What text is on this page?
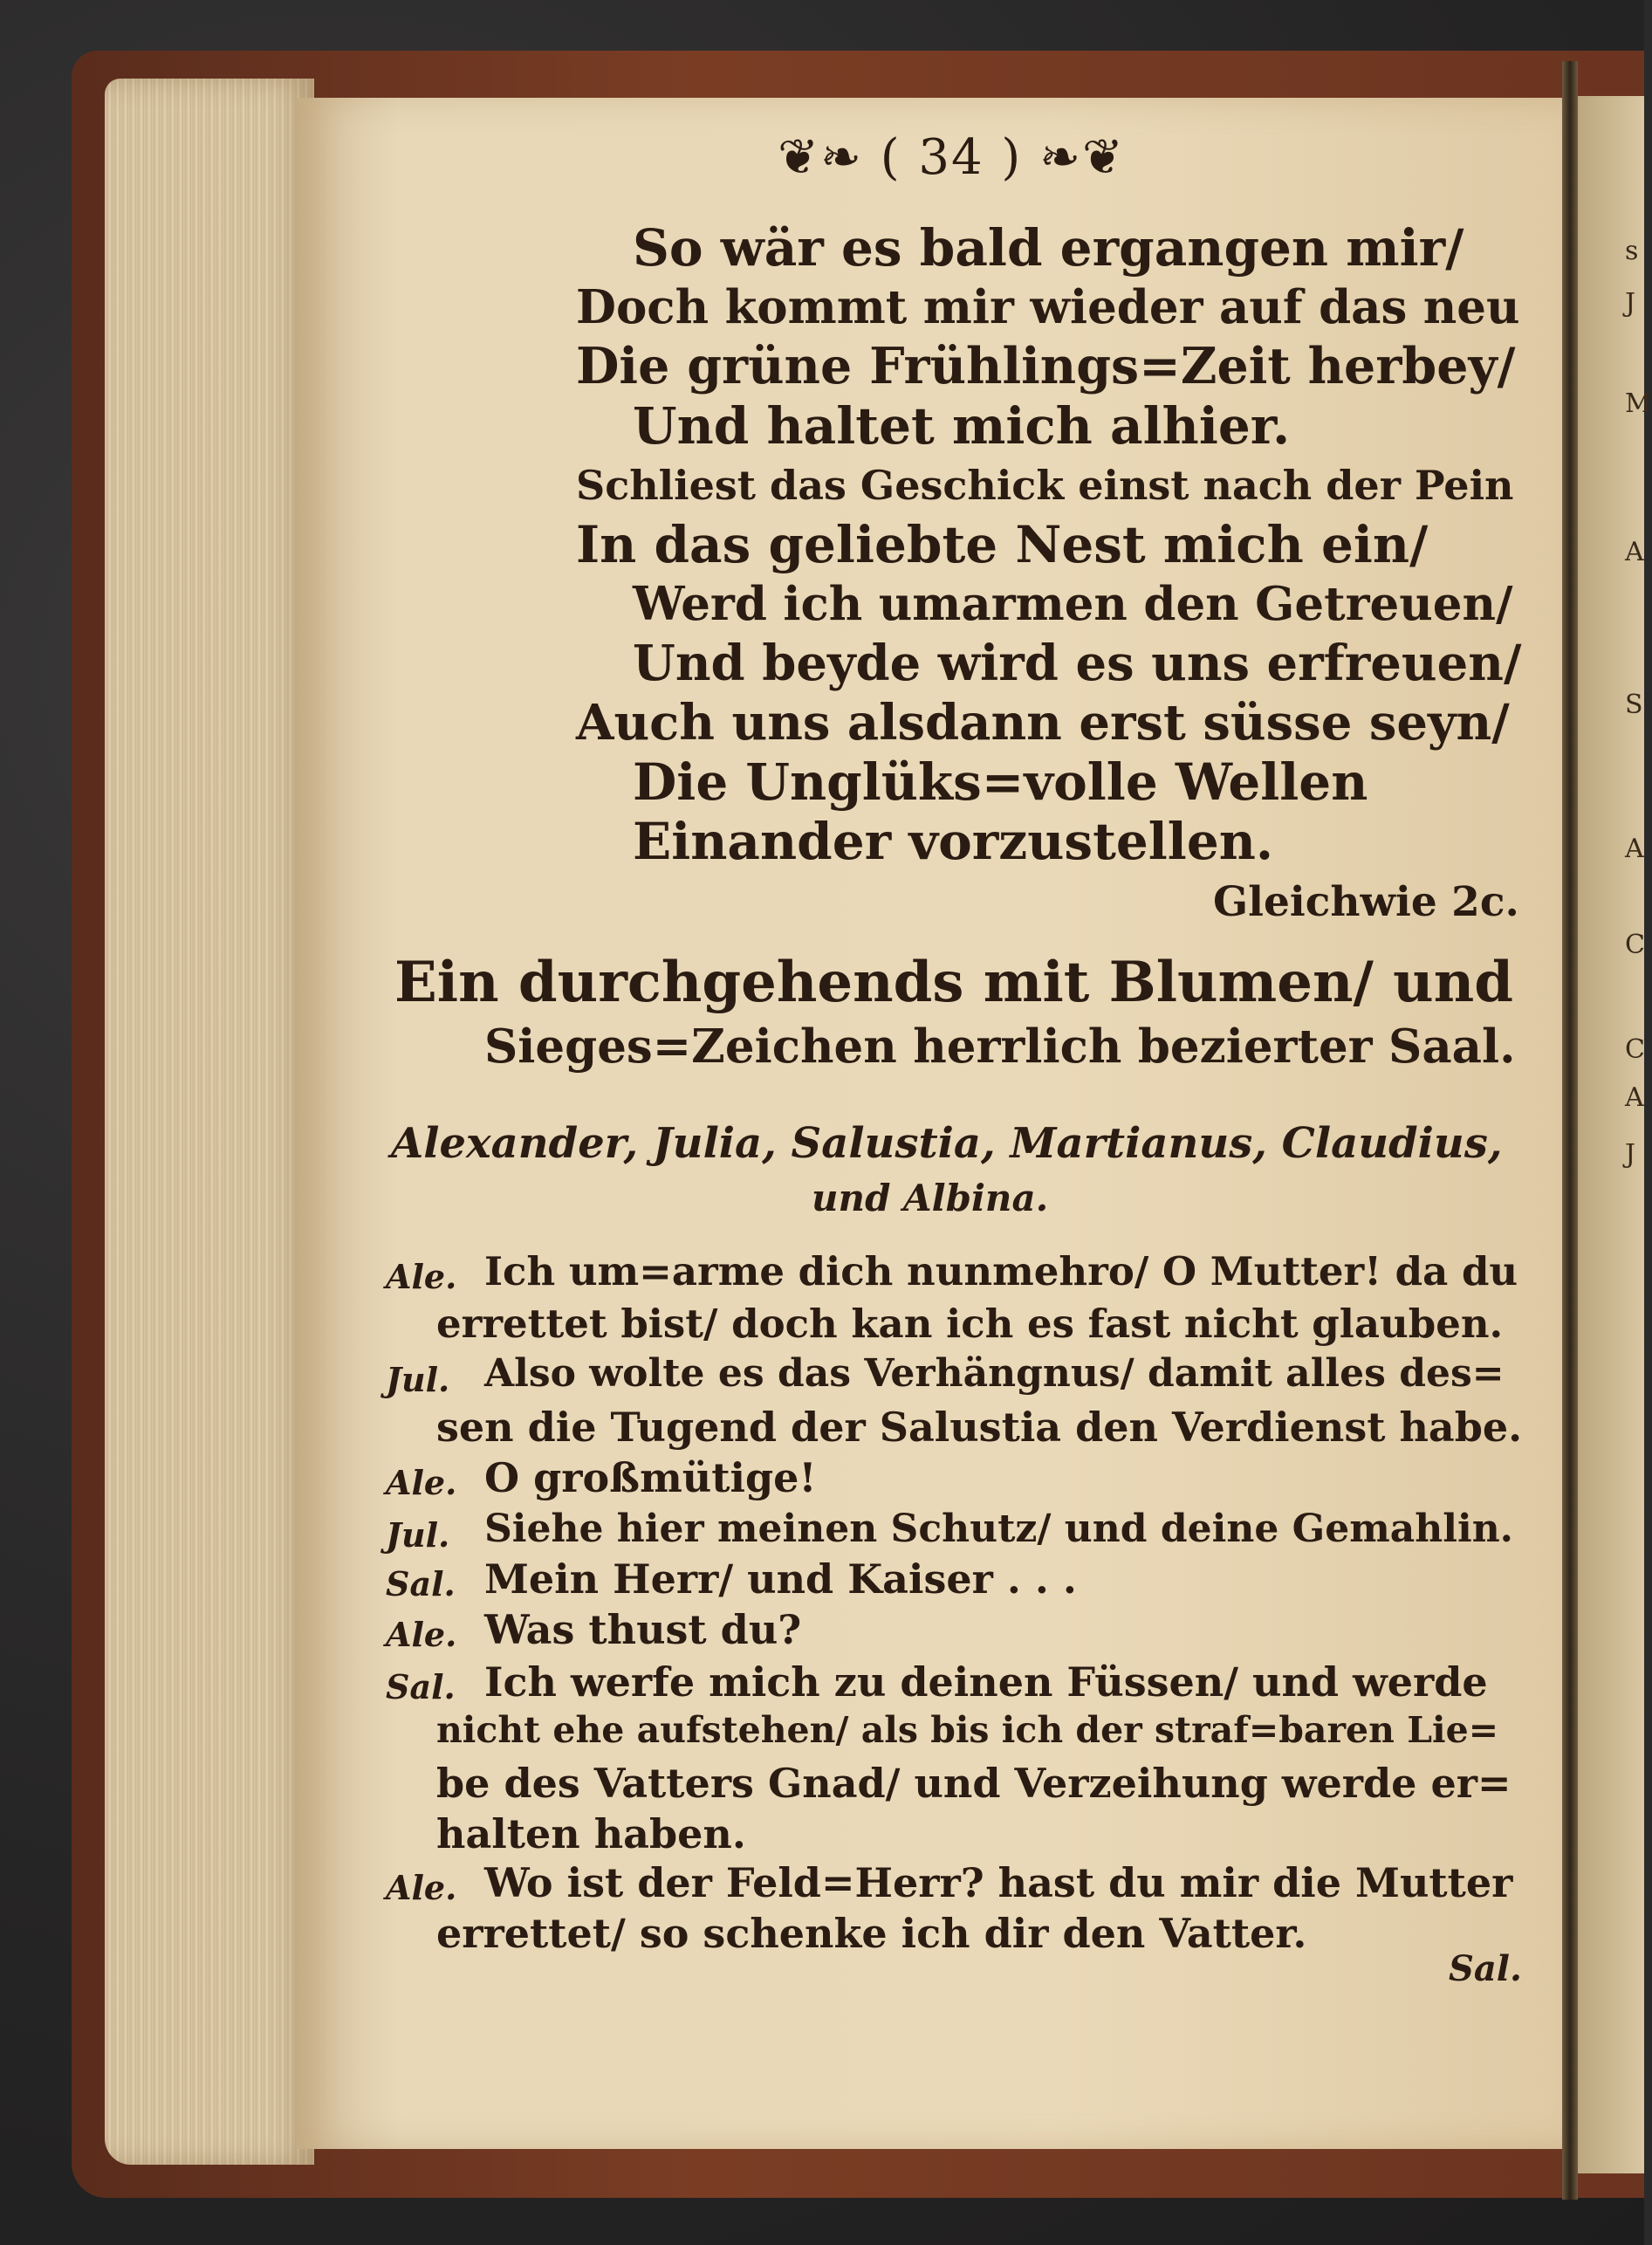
s
J
M
A
S
A
C
C
A
J
❦❧ ( 34 ) ❧❦
So wär es bald ergangen mir/
Doch kommt mir wieder auf das neu
Die grüne Frühlings=Zeit herbey/
Und haltet mich alhier.
Schliest das Geschick einst nach der Pein
In das geliebte Nest mich ein/
Werd ich umarmen den Getreuen/
Und beyde wird es uns erfreuen/
Auch uns alsdann erst süsse seyn/
Die Unglüks=volle Wellen
Einander vorzustellen.
Gleichwie 2c.
Ein durchgehends mit Blumen/ und
Sieges=Zeichen herrlich bezierter Saal.
Alexander, Julia, Salustia, Martianus, Claudius,
und Albina.
Ale. Ich um=arme dich nunmehro/ O Mutter! da du
errettet bist/ doch kan ich es fast nicht glauben.
Jul. Also wolte es das Verhängnus/ damit alles des=
sen die Tugend der Salustia den Verdienst habe.
Ale. O großmütige!
Jul. Siehe hier meinen Schutz/ und deine Gemahlin.
Sal. Mein Herr/ und Kaiser . . .
Ale. Was thust du?
Sal. Ich werfe mich zu deinen Füssen/ und werde
nicht ehe aufstehen/ als bis ich der straf=baren Lie=
be des Vatters Gnad/ und Verzeihung werde er=
halten haben.
Ale. Wo ist der Feld=Herr? hast du mir die Mutter
errettet/ so schenke ich dir den Vatter.
Sal.
